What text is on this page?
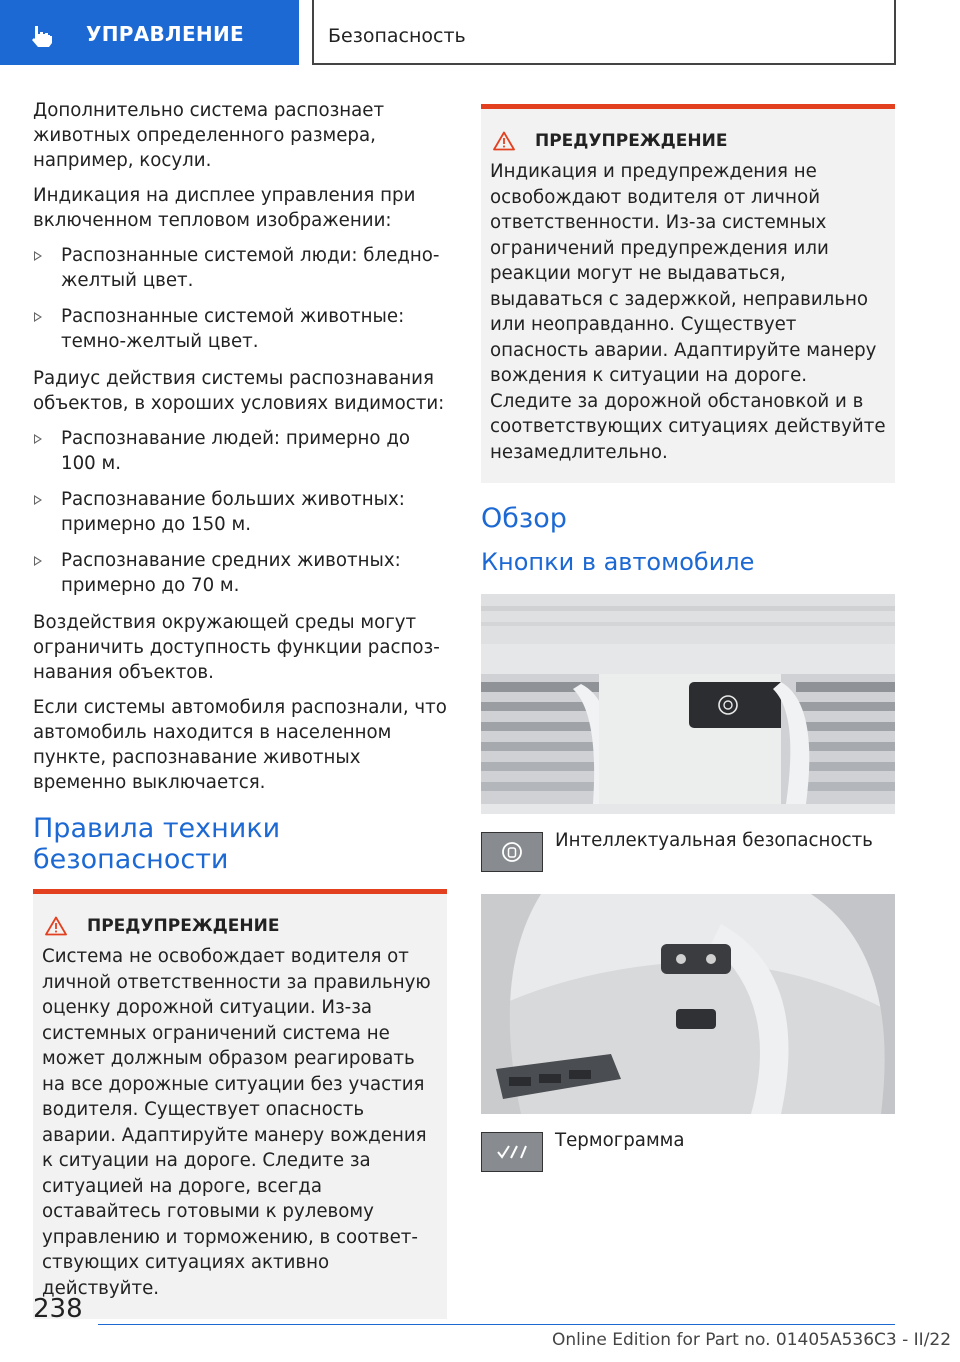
УПРАВЛЕНИЕ	Безопасность

Дополнительно система распознает животных определенного размера, например, косули.

Индикация на дисплее управления при включенном тепловом изображении:

Распознанные системой люди: бледно-желтый цвет.
Распознанные системой животные: темно-желтый цвет.

Радиус действия системы распознавания объектов, в хороших условиях видимости:

Распознавание людей: примерно до 100 м.
Распознавание больших животных: примерно до 150 м.
Распознавание средних животных: примерно до 70 м.

Воздействия окружающей среды могут ограничить доступность функции распознавания объектов.

Если системы автомобиля распознали, что автомобиль находится в населенном пункте, распознавание животных временно выключается.

Правила техники безопасности
ПРЕДУПРЕЖДЕНИЕ

Система не освобождает водителя от личной ответственности за правильную оценку дорожной ситуации. Из-за системных ограничений система не может должным образом реагировать на все дорожные ситуации без участия водителя. Существует опасность аварии. Адаптируйте манеру вождения к ситуации на дороге. Следите за ситуацией на дороге, всегда оставайтесь готовыми к рулевому управлению и торможению, в соответствующих ситуациях активно действуйте.

ПРЕДУПРЕЖДЕНИЕ

Индикация и предупреждения не освобождают водителя от личной ответственности. Из-за системных ограничений предупреждения или реакции могут не выдаваться, выдаваться с задержкой, неправильно или неоправданно. Существует опасность аварии. Адаптируйте манеру вождения к ситуации на дороге. Следите за дорожной обстановкой и в соответствующих ситуациях действуйте незамедлительно.

Обзор
Кнопки в автомобиле
Интеллектуальная безопасность
Термограмма
238
Online Edition for Part no. 01405A536C3 - II/22
